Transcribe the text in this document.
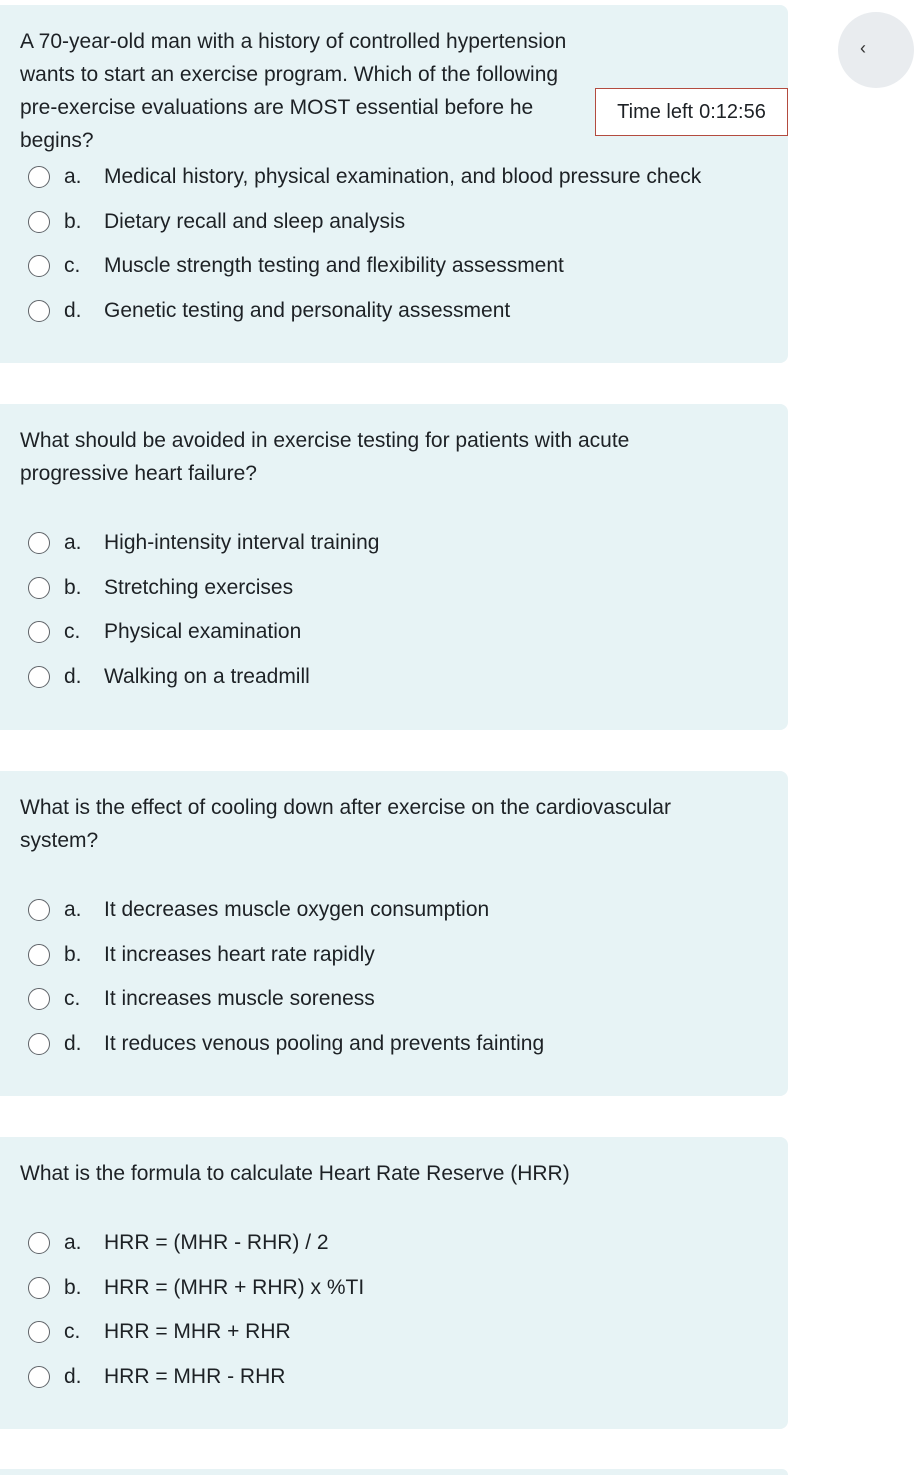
A 70-year-old man with a history of controlled hypertension wants to start an exercise program. Which of the following pre-exercise evaluations are MOST essential before he begins?

a.	Medical history, physical examination, and blood pressure check
b.	Dietary recall and sleep analysis
c.	Muscle strength testing and flexibility assessment
d.	Genetic testing and personality assessment
Time left 0:12:56
‹

What should be avoided in exercise testing for patients with acute progressive heart failure?

a.	High-intensity interval training
b.	Stretching exercises
c.	Physical examination
d.	Walking on a treadmill

What is the effect of cooling down after exercise on the cardiovascular system?

a.	It decreases muscle oxygen consumption
b.	It increases heart rate rapidly
c.	It increases muscle soreness
d.	It reduces venous pooling and prevents fainting

What is the formula to calculate Heart Rate Reserve (HRR)

a.	HRR = (MHR - RHR) / 2
b.	HRR = (MHR + RHR) x %TI
c.	HRR = MHR + RHR
d.	HRR = MHR - RHR
